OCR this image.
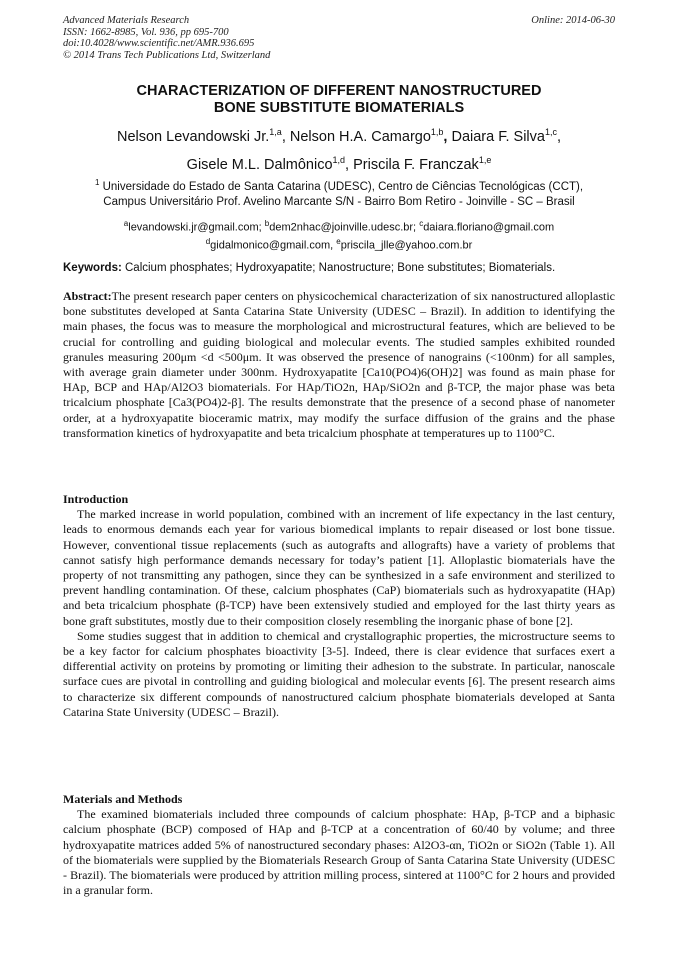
Advanced Materials Research
ISSN: 1662-8985, Vol. 936, pp 695-700
doi:10.4028/www.scientific.net/AMR.936.695
© 2014 Trans Tech Publications Ltd, Switzerland
Online: 2014-06-30
CHARACTERIZATION OF DIFFERENT NANOSTRUCTURED
BONE SUBSTITUTE BIOMATERIALS
Nelson Levandowski Jr.$^{1,a}$, Nelson H.A. Camargo$^{1,b}$, Daiara F. Silva$^{1,c}$,
Gisele M.L. Dalmônico$^{1,d}$, Priscila F. Franczak$^{1,e}$
$^1$ Universidade do Estado de Santa Catarina (UDESC), Centro de Ciências Tecnológicas (CCT),
Campus Universitário Prof. Avelino Marcante S/N - Bairro Bom Retiro - Joinville - SC – Brasil
$^a$levandowski.jr@gmail.com; $^b$dem2nhac@joinville.udesc.br; $^c$daiara.floriano@gmail.com
$^d$gidalmonico@gmail.com, $^e$priscila_jlle@yahoo.com.br
Keywords: Calcium phosphates; Hydroxyapatite; Nanostructure; Bone substitutes; Biomaterials.

Abstract:The present research paper centers on physicochemical characterization of six nanostructured alloplastic bone substitutes developed at Santa Catarina State University (UDESC – Brazil). In addition to identifying the main phases, the focus was to measure the morphological and microstructural features, which are believed to be crucial for controlling and guiding biological and molecular events. The studied samples exhibited rounded granules measuring 200μm <d <500μm. It was observed the presence of nanograins (<100nm) for all samples, with average grain diameter under 300nm. Hydroxyapatite [Ca10(PO4)6(OH)2] was found as main phase for HAp, BCP and HAp/Al2O3 biomaterials. For HAp/TiO2n, HAp/SiO2n and β-TCP, the major phase was beta tricalcium phosphate [Ca3(PO4)2-β]. The results demonstrate that the presence of a second phase of nanometer order, at a hydroxyapatite bioceramic matrix, may modify the surface diffusion of the grains and the phase transformation kinetics of hydroxyapatite and beta tricalcium phosphate at temperatures up to 1100°C.

Introduction

The marked increase in world population, combined with an increment of life expectancy in the last century, leads to enormous demands each year for various biomedical implants to repair diseased or lost bone tissue. However, conventional tissue replacements (such as autografts and allografts) have a variety of problems that cannot satisfy high performance demands necessary for today’s patient [1]. Alloplastic biomaterials have the property of not transmitting any pathogen, since they can be synthesized in a safe environment and sterilized to prevent handling contamination. Of these, calcium phosphates (CaP) biomaterials such as hydroxyapatite (HAp) and beta tricalcium phosphate (β-TCP) have been extensively studied and employed for the last thirty years as bone graft substitutes, mostly due to their composition closely resembling the inorganic phase of bone [2].

Some studies suggest that in addition to chemical and crystallographic properties, the microstructure seems to be a key factor for calcium phosphates bioactivity [3-5]. Indeed, there is clear evidence that surfaces exert a differential activity on proteins by promoting or limiting their adhesion to the substrate. In particular, nanoscale surface cues are pivotal in controlling and guiding biological and molecular events [6]. The present research aims to characterize six different compounds of nanostructured calcium phosphate biomaterials developed at Santa Catarina State University (UDESC – Brazil).

Materials and Methods

The examined biomaterials included three compounds of calcium phosphate: HAp, β-TCP and a biphasic calcium phosphate (BCP) composed of HAp and β-TCP at a concentration of 60/40 by volume; and three hydroxyapatite matrices added 5% of nanostructured secondary phases: Al2O3-αn, TiO2n or SiO2n (Table 1). All of the biomaterials were supplied by the Biomaterials Research Group of Santa Catarina State University (UDESC - Brazil). The biomaterials were produced by attrition milling process, sintered at 1100°C for 2 hours and provided in a granular form.
